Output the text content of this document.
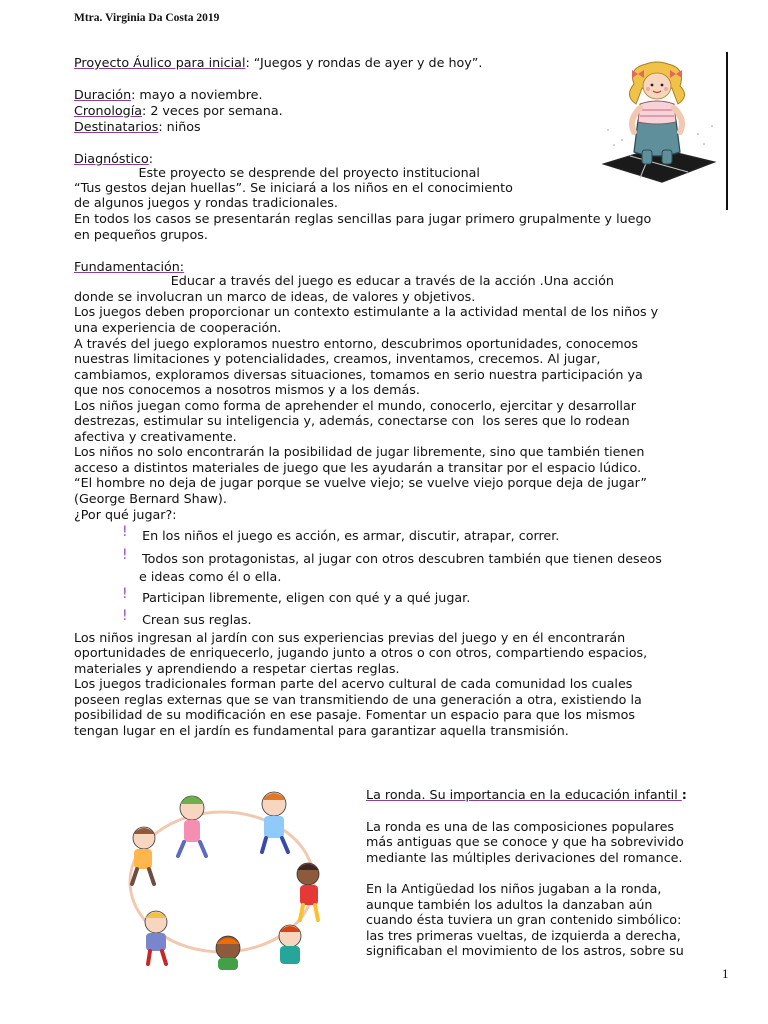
Mtra. Virginia Da Costa 2019
Proyecto Áulico para inicial: “Juegos y rondas de ayer y de hoy”.
Duración: mayo a noviembre.
Cronología: 2 veces por semana.
Destinatarios: niños
Diagnóstico:
Este proyecto se desprende del proyecto institucional
“Tus gestos dejan huellas”. Se iniciará a los niños en el conocimiento
de algunos juegos y rondas tradicionales.
En todos los casos se presentarán reglas sencillas para jugar primero grupalmente y luego
en pequeños grupos.
Fundamentación:
Educar a través del juego es educar a través de la acción .Una acción
donde se involucran un marco de ideas, de valores y objetivos.
Los juegos deben proporcionar un contexto estimulante a la actividad mental de los niños y
una experiencia de cooperación.
A través del juego exploramos nuestro entorno, descubrimos oportunidades, conocemos
nuestras limitaciones y potencialidades, creamos, inventamos, crecemos. Al jugar,
cambiamos, exploramos diversas situaciones, tomamos en serio nuestra participación ya
que nos conocemos a nosotros mismos y a los demás.
Los niños juegan como forma de aprehender el mundo, conocerlo, ejercitar y desarrollar
destrezas, estimular su inteligencia y, además, conectarse con  los seres que lo rodean
afectiva y creativamente.
Los niños no solo encontrarán la posibilidad de jugar libremente, sino que también tienen
acceso a distintos materiales de juego que les ayudarán a transitar por el espacio lúdico.
“El hombre no deja de jugar porque se vuelve viejo; se vuelve viejo porque deja de jugar”
(George Bernard Shaw).
¿Por qué jugar?:
! En los niños el juego es acción, es armar, discutir, atrapar, correr.
! Todos son protagonistas, al jugar con otros descubren también que tienen deseos
e ideas como él o ella.
! Participan libremente, eligen con qué y a qué jugar.
! Crean sus reglas.
Los niños ingresan al jardín con sus experiencias previas del juego y en él encontrarán
oportunidades de enriquecerlo, jugando junto a otros o con otros, compartiendo espacios,
materiales y aprendiendo a respetar ciertas reglas.
Los juegos tradicionales forman parte del acervo cultural de cada comunidad los cuales
poseen reglas externas que se van transmitiendo de una generación a otra, existiendo la
posibilidad de su modificación en ese pasaje. Fomentar un espacio para que los mismos
tengan lugar en el jardín es fundamental para garantizar aquella transmisión.
La ronda. Su importancia en la educación infantil :
La ronda es una de las composiciones populares
más antiguas que se conoce y que ha sobrevivido
mediante las múltiples derivaciones del romance.
En la Antigüedad los niños jugaban a la ronda,
aunque también los adultos la danzaban aún
cuando ésta tuviera un gran contenido simbólico:
las tres primeras vueltas, de izquierda a derecha,
significaban el movimiento de los astros, sobre su
1
